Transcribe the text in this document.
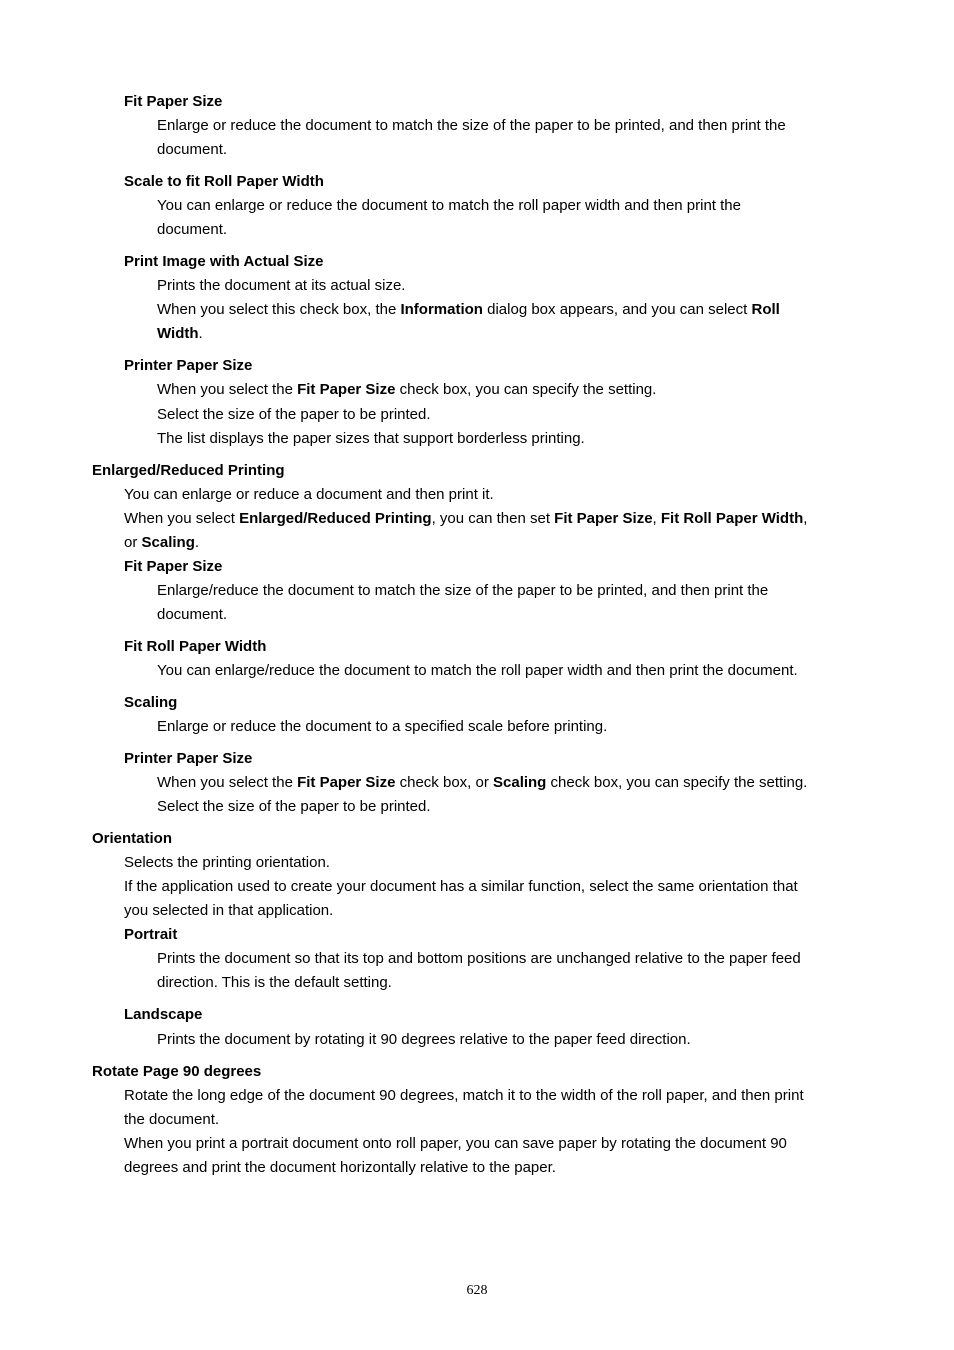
Fit Paper Size
Enlarge or reduce the document to match the size of the paper to be printed, and then print the
document.
Scale to fit Roll Paper Width
You can enlarge or reduce the document to match the roll paper width and then print the
document.
Print Image with Actual Size
Prints the document at its actual size.
When you select this check box, the Information dialog box appears, and you can select Roll
Width.
Printer Paper Size
When you select the Fit Paper Size check box, you can specify the setting.
Select the size of the paper to be printed.
The list displays the paper sizes that support borderless printing.
Enlarged/Reduced Printing
You can enlarge or reduce a document and then print it.
When you select Enlarged/Reduced Printing, you can then set Fit Paper Size, Fit Roll Paper Width,
or Scaling.
Fit Paper Size
Enlarge/reduce the document to match the size of the paper to be printed, and then print the
document.
Fit Roll Paper Width
You can enlarge/reduce the document to match the roll paper width and then print the document.
Scaling
Enlarge or reduce the document to a specified scale before printing.
Printer Paper Size
When you select the Fit Paper Size check box, or Scaling check box, you can specify the setting.
Select the size of the paper to be printed.
Orientation
Selects the printing orientation.
If the application used to create your document has a similar function, select the same orientation that
you selected in that application.
Portrait
Prints the document so that its top and bottom positions are unchanged relative to the paper feed
direction. This is the default setting.
Landscape
Prints the document by rotating it 90 degrees relative to the paper feed direction.
Rotate Page 90 degrees
Rotate the long edge of the document 90 degrees, match it to the width of the roll paper, and then print
the document.
When you print a portrait document onto roll paper, you can save paper by rotating the document 90
degrees and print the document horizontally relative to the paper.
628
